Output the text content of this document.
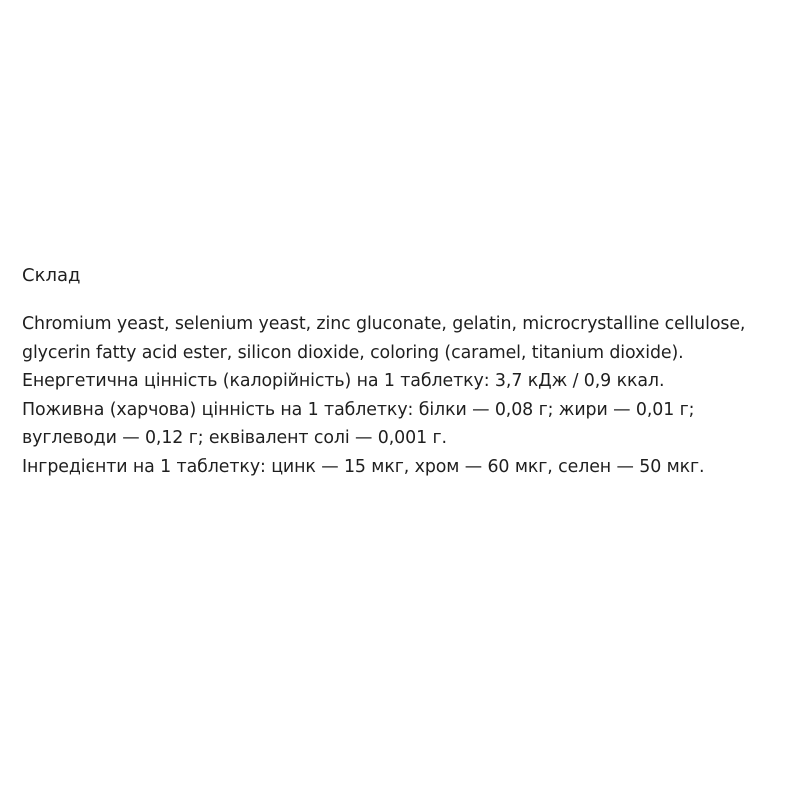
Склад

Chromium yeast, selenium yeast, zinc gluconate, gelatin, microcrystalline cellulose, glycerin fatty acid ester, silicon dioxide, coloring (caramel, titanium dioxide).
Енергетична цінність (калорійність) на 1 таблетку: 3,7 кДж / 0,9 ккал.
Поживна (харчова) цінність на 1 таблетку: білки — 0,08 г; жири — 0,01 г; вуглеводи — 0,12 г; еквівалент солі — 0,001 г.
Інгредієнти на 1 таблетку: цинк — 15 мкг, хром — 60 мкг, селен — 50 мкг.
